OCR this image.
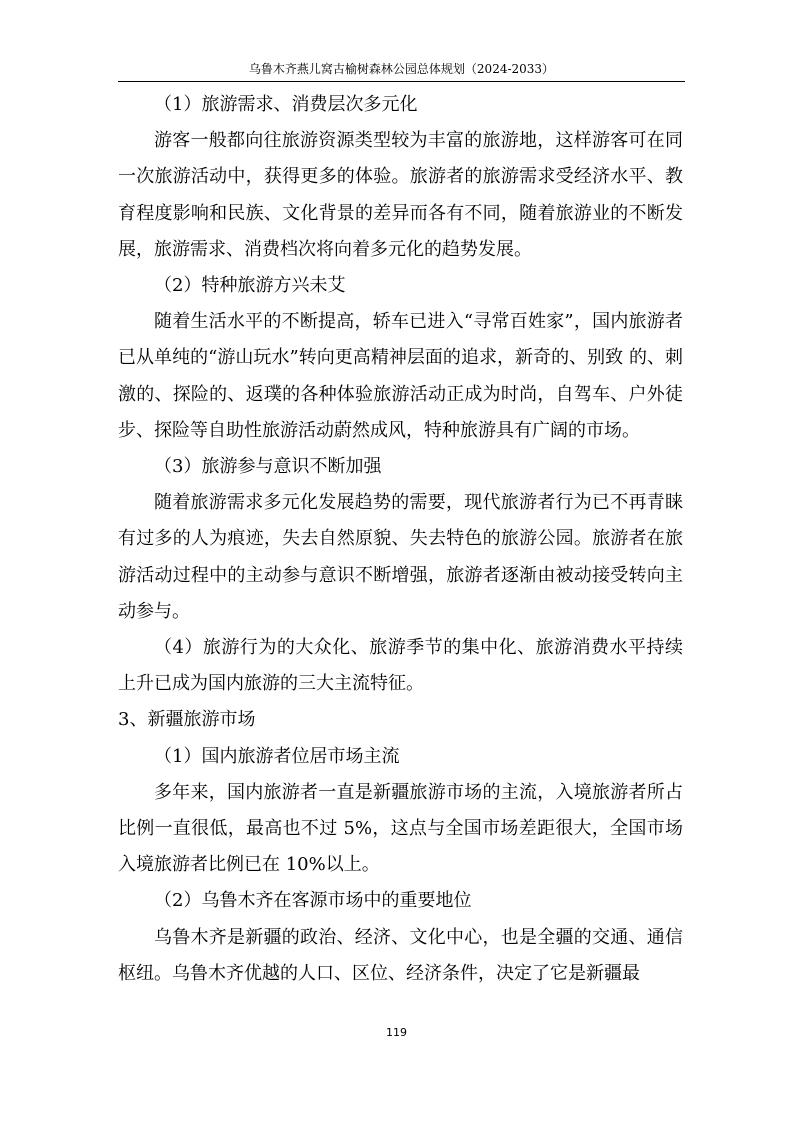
乌鲁木齐燕儿窝古榆树森林公园总体规划（2024-2033）

（1）旅游需求、消费层次多元化

游客一般都向往旅游资源类型较为丰富的旅游地，这样游客可在同一次旅游活动中，获得更多的体验。旅游者的旅游需求受经济水平、教育程度影响和民族、文化背景的差异而各有不同，随着旅游业的不断发展，旅游需求、消费档次将向着多元化的趋势发展。

（2）特种旅游方兴未艾

随着生活水平的不断提高，轿车已进入“寻常百姓家”，国内旅游者已从单纯的“游山玩水”转向更高精神层面的追求，新奇的、别致 的、刺激的、探险的、返璞的各种体验旅游活动正成为时尚，自驾车、户外徒步、探险等自助性旅游活动蔚然成风，特种旅游具有广阔的市场。

（3）旅游参与意识不断加强

随着旅游需求多元化发展趋势的需要，现代旅游者行为已不再青睐有过多的人为痕迹，失去自然原貌、失去特色的旅游公园。旅游者在旅游活动过程中的主动参与意识不断增强，旅游者逐渐由被动接受转向主动参与。

（4）旅游行为的大众化、旅游季节的集中化、旅游消费水平持续上升已成为国内旅游的三大主流特征。

3、新疆旅游市场

（1）国内旅游者位居市场主流

多年来，国内旅游者一直是新疆旅游市场的主流，入境旅游者所占比例一直很低，最高也不过 5%，这点与全国市场差距很大，全国市场入境旅游者比例已在 10%以上。

（2）乌鲁木齐在客源市场中的重要地位

乌鲁木齐是新疆的政治、经济、文化中心，也是全疆的交通、通信枢纽。乌鲁木齐优越的人口、区位、经济条件，决定了它是新疆最

119
